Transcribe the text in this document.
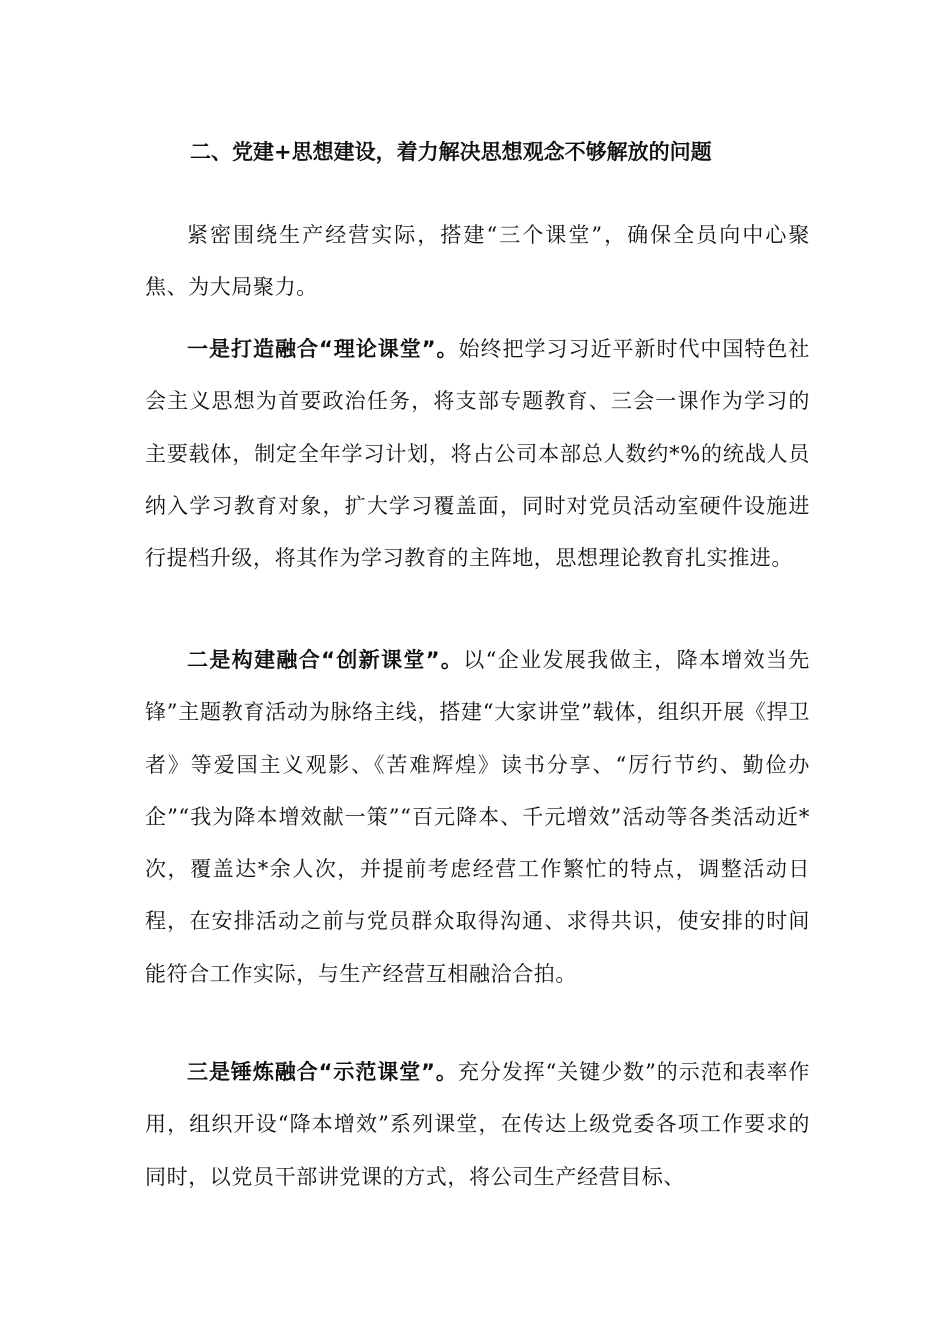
二、党建+思想建设，着力解决思想观念不够解放的问题

紧密围绕生产经营实际，搭建“三个课堂”，确保全员向中心聚焦、为大局聚力。

一是打造融合“理论课堂”。始终把学习习近平新时代中国特色社会主义思想为首要政治任务，将支部专题教育、三会一课作为学习的主要载体，制定全年学习计划，将占公司本部总人数约*%的统战人员纳入学习教育对象，扩大学习覆盖面，同时对党员活动室硬件设施进行提档升级，将其作为学习教育的主阵地，思想理论教育扎实推进。

二是构建融合“创新课堂”。以“企业发展我做主，降本增效当先锋”主题教育活动为脉络主线，搭建“大家讲堂”载体，组织开展《捍卫者》等爱国主义观影、《苦难辉煌》读书分享、“厉行节约、勤俭办企”“我为降本增效献一策”“百元降本、千元增效”活动等各类活动近*次，覆盖达*余人次，并提前考虑经营工作繁忙的特点，调整活动日程，在安排活动之前与党员群众取得沟通、求得共识，使安排的时间能符合工作实际，与生产经营互相融洽合拍。

三是锤炼融合“示范课堂”。充分发挥“关键少数”的示范和表率作用，组织开设“降本增效”系列课堂，在传达上级党委各项工作要求的同时，以党员干部讲党课的方式，将公司生产经营目标、
